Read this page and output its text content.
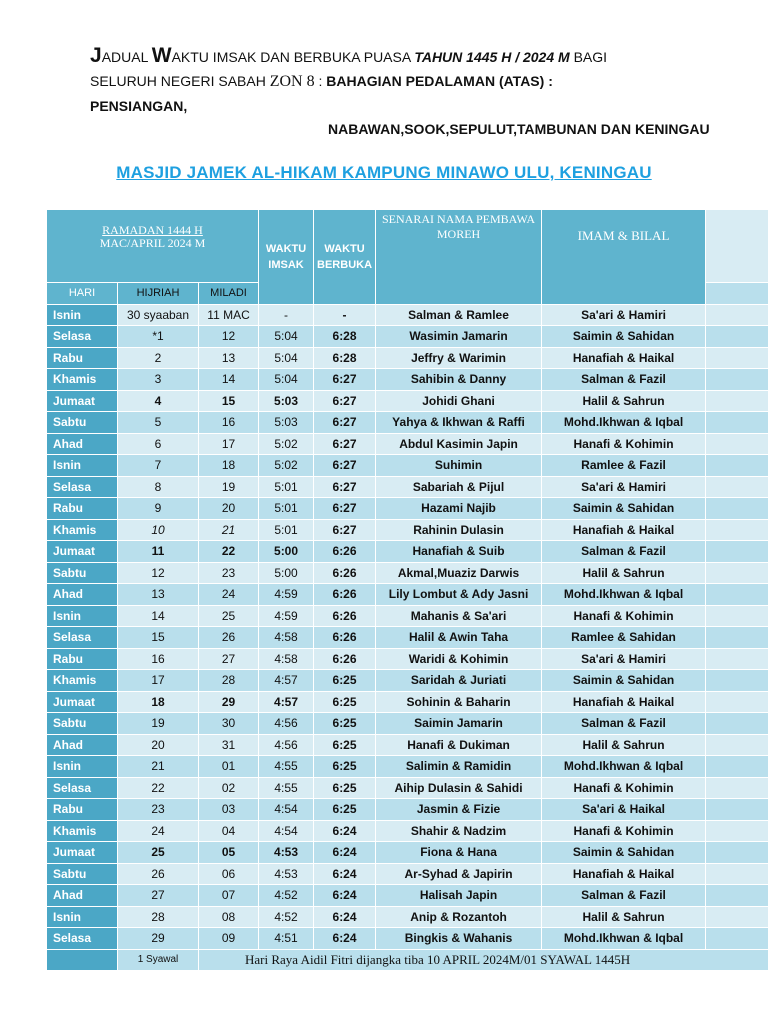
JADUAL WAKTU IMSAK DAN BERBUKA PUASA TAHUN 1445 H / 2024 M BAGI
SELURUH NEGERI SABAH ZON 8 : BAHAGIAN PEDALAMAN (ATAS) :
PENSIANGAN,
NABAWAN,SOOK,SEPULUT,TAMBUNAN DAN KENINGAU
MASJID JAMEK AL-HIKAM KAMPUNG MINAWO ULU, KENINGAU
RAMADAN 1444 H
MAC/APRIL 2024 M			WAKTU IMSAK	WAKTU BERBUKA	SENARAI NAMA PEMBAWA MOREH	IMAM & BILAL	
HARI	HIJRIAH	MILADI					
Isnin	30 syaaban	11 MAC	-	-	Salman & Ramlee	Sa'ari & Hamiri	
Selasa	*1	12	5:04	6:28	Wasimin Jamarin	Saimin & Sahidan	
Rabu	2	13	5:04	6:28	Jeffry & Warimin	Hanafiah & Haikal	
Khamis	3	14	5:04	6:27	Sahibin & Danny	Salman & Fazil	
Jumaat	4	15	5:03	6:27	Johidi Ghani	Halil & Sahrun	
Sabtu	5	16	5:03	6:27	Yahya & Ikhwan & Raffi	Mohd.Ikhwan & Iqbal	
Ahad	6	17	5:02	6:27	Abdul Kasimin Japin	Hanafi & Kohimin	
Isnin	7	18	5:02	6:27	Suhimin	Ramlee & Fazil	
Selasa	8	19	5:01	6:27	Sabariah & Pijul	Sa'ari & Hamiri	
Rabu	9	20	5:01	6:27	Hazami Najib	Saimin & Sahidan	
Khamis	10	21	5:01	6:27	Rahinin Dulasin	Hanafiah & Haikal	
Jumaat	11	22	5:00	6:26	Hanafiah & Suib	Salman & Fazil	
Sabtu	12	23	5:00	6:26	Akmal,Muaziz Darwis	Halil & Sahrun	
Ahad	13	24	4:59	6:26	Lily Lombut & Ady Jasni	Mohd.Ikhwan & Iqbal	
Isnin	14	25	4:59	6:26	Mahanis & Sa'ari	Hanafi & Kohimin	
Selasa	15	26	4:58	6:26	Halil & Awin Taha	Ramlee & Sahidan	
Rabu	16	27	4:58	6:26	Waridi & Kohimin	Sa'ari & Hamiri	
Khamis	17	28	4:57	6:25	Saridah & Juriati	Saimin & Sahidan	
Jumaat	18	29	4:57	6:25	Sohinin & Baharin	Hanafiah & Haikal	
Sabtu	19	30	4:56	6:25	Saimin Jamarin	Salman & Fazil	
Ahad	20	31	4:56	6:25	Hanafi & Dukiman	Halil & Sahrun	
Isnin	21	01	4:55	6:25	Salimin & Ramidin	Mohd.Ikhwan & Iqbal	
Selasa	22	02	4:55	6:25	Aihip Dulasin & Sahidi	Hanafi & Kohimin	
Rabu	23	03	4:54	6:25	Jasmin & Fizie	Sa'ari & Haikal	
Khamis	24	04	4:54	6:24	Shahir & Nadzim	Hanafi & Kohimin	
Jumaat	25	05	4:53	6:24	Fiona & Hana	Saimin & Sahidan	
Sabtu	26	06	4:53	6:24	Ar-Syhad & Japirin	Hanafiah & Haikal	
Ahad	27	07	4:52	6:24	Halisah Japin	Salman & Fazil	
Isnin	28	08	4:52	6:24	Anip & Rozantoh	Halil & Sahrun	
Selasa	29	09	4:51	6:24	Bingkis & Wahanis	Mohd.Ikhwan & Iqbal	
	1 Syawal	Hari Raya Aidil Fitri dijangka tiba 10 APRIL 2024M/01 SYAWAL 1445H					
